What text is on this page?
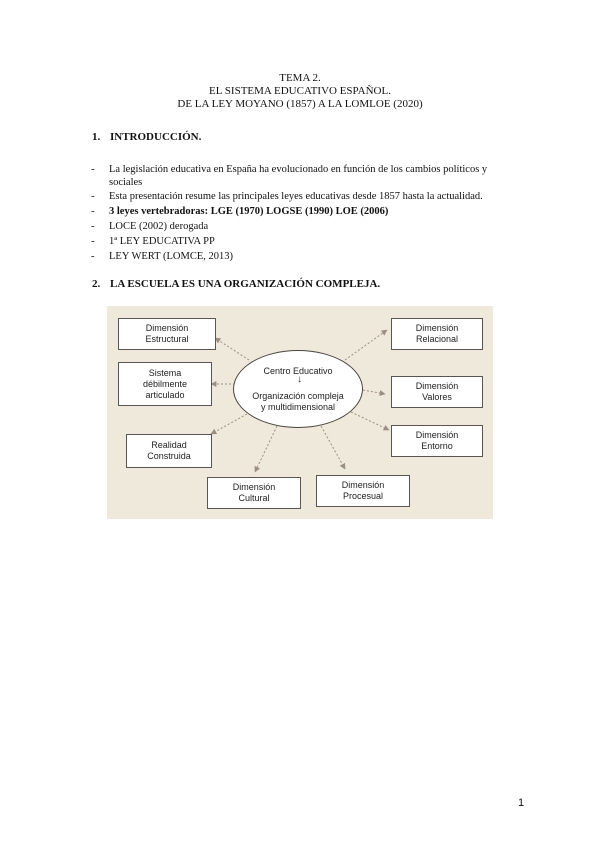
TEMA 2.
EL SISTEMA EDUCATIVO ESPAÑOL.
DE LA LEY MOYANO (1857) A LA LOMLOE (2020)
1. INTRODUCCIÓN.
- La legislación educativa en España ha evolucionado en función de los cambios políticos y sociales
- Esta presentación resume las principales leyes educativas desde 1857 hasta la actualidad.
- 3 leyes vertebradoras: LGE (1970) LOGSE (1990) LOE (2006)
- LOCE (2002) derogada
- 1ª LEY EDUCATIVA PP
- LEY WERT (LOMCE, 2013)
2. LA ESCUELA ES UNA ORGANIZACIÓN COMPLEJA.
Centro Educativo
↓
Organización compleja
y multidimensional
Dimensión
Estructural
Sistema
débilmente
articulado
Realidad
Construida
Dimensión
Cultural
Dimensión
Procesual
Dimensión
Relacional
Dimensión
Valores
Dimensión
Entorno
1
